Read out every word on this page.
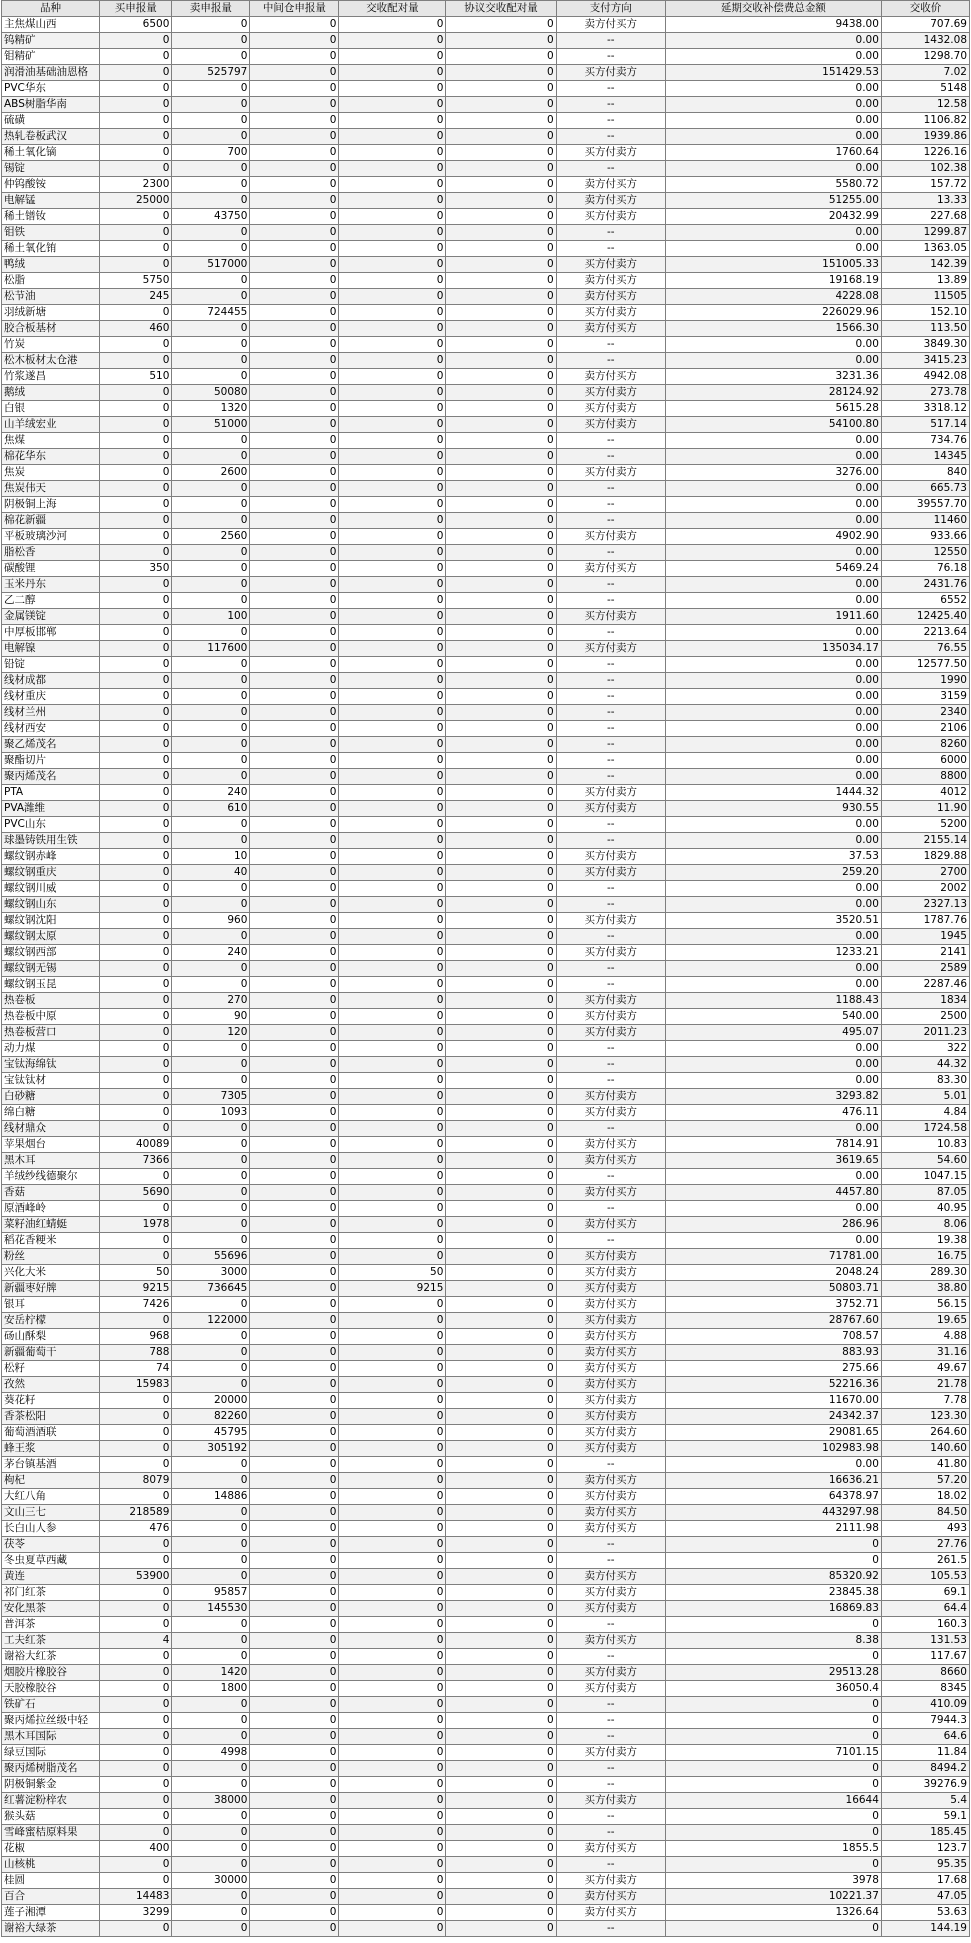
品种	买申报量	卖申报量	中间仓申报量	交收配对量	协议交收配对量	支付方向	延期交收补偿费总金额	交收价
主焦煤山西	6500	0	0	0	0	卖方付买方	9438.00	707.69
钨精矿	0	0	0	0	0	--	0.00	1432.08
钼精矿	0	0	0	0	0	--	0.00	1298.70
润滑油基础油恩格	0	525797	0	0	0	买方付卖方	151429.53	7.02
PVC华东	0	0	0	0	0	--	0.00	5148
ABS树脂华南	0	0	0	0	0	--	0.00	12.58
硫磺	0	0	0	0	0	--	0.00	1106.82
热轧卷板武汉	0	0	0	0	0	--	0.00	1939.86
稀土氧化镝	0	700	0	0	0	买方付卖方	1760.64	1226.16
锡锭	0	0	0	0	0	--	0.00	102.38
仲钨酸铵	2300	0	0	0	0	卖方付买方	5580.72	157.72
电解锰	25000	0	0	0	0	卖方付买方	51255.00	13.33
稀土镨钕	0	43750	0	0	0	买方付卖方	20432.99	227.68
钼铁	0	0	0	0	0	--	0.00	1299.87
稀土氧化铕	0	0	0	0	0	--	0.00	1363.05
鸭绒	0	517000	0	0	0	买方付卖方	151005.33	142.39
松脂	5750	0	0	0	0	卖方付买方	19168.19	13.89
松节油	245	0	0	0	0	卖方付买方	4228.08	11505
羽绒新塘	0	724455	0	0	0	买方付卖方	226029.96	152.10
胶合板基材	460	0	0	0	0	卖方付买方	1566.30	113.50
竹炭	0	0	0	0	0	--	0.00	3849.30
松木板材太仓港	0	0	0	0	0	--	0.00	3415.23
竹浆遂昌	510	0	0	0	0	卖方付买方	3231.36	4942.08
鹅绒	0	50080	0	0	0	买方付卖方	28124.92	273.78
白银	0	1320	0	0	0	买方付卖方	5615.28	3318.12
山羊绒宏业	0	51000	0	0	0	买方付卖方	54100.80	517.14
焦煤	0	0	0	0	0	--	0.00	734.76
棉花华东	0	0	0	0	0	--	0.00	14345
焦炭	0	2600	0	0	0	买方付卖方	3276.00	840
焦炭伟天	0	0	0	0	0	--	0.00	665.73
阴极铜上海	0	0	0	0	0	--	0.00	39557.70
棉花新疆	0	0	0	0	0	--	0.00	11460
平板玻璃沙河	0	2560	0	0	0	买方付卖方	4902.90	933.66
脂松香	0	0	0	0	0	--	0.00	12550
碳酸锂	350	0	0	0	0	卖方付买方	5469.24	76.18
玉米丹东	0	0	0	0	0	--	0.00	2431.76
乙二醇	0	0	0	0	0	--	0.00	6552
金属镁锭	0	100	0	0	0	买方付卖方	1911.60	12425.40
中厚板邯郸	0	0	0	0	0	--	0.00	2213.64
电解镍	0	117600	0	0	0	买方付卖方	135034.17	76.55
铅锭	0	0	0	0	0	--	0.00	12577.50
线材成都	0	0	0	0	0	--	0.00	1990
线材重庆	0	0	0	0	0	--	0.00	3159
线材兰州	0	0	0	0	0	--	0.00	2340
线材西安	0	0	0	0	0	--	0.00	2106
聚乙烯茂名	0	0	0	0	0	--	0.00	8260
聚酯切片	0	0	0	0	0	--	0.00	6000
聚丙烯茂名	0	0	0	0	0	--	0.00	8800
PTA	0	240	0	0	0	买方付卖方	1444.32	4012
PVA潍维	0	610	0	0	0	买方付卖方	930.55	11.90
PVC山东	0	0	0	0	0	--	0.00	5200
球墨铸铁用生铁	0	0	0	0	0	--	0.00	2155.14
螺纹钢赤峰	0	10	0	0	0	买方付卖方	37.53	1829.88
螺纹钢重庆	0	40	0	0	0	买方付卖方	259.20	2700
螺纹钢川威	0	0	0	0	0	--	0.00	2002
螺纹钢山东	0	0	0	0	0	--	0.00	2327.13
螺纹钢沈阳	0	960	0	0	0	买方付卖方	3520.51	1787.76
螺纹钢太原	0	0	0	0	0	--	0.00	1945
螺纹钢西部	0	240	0	0	0	买方付卖方	1233.21	2141
螺纹钢无锡	0	0	0	0	0	--	0.00	2589
螺纹钢玉昆	0	0	0	0	0	--	0.00	2287.46
热卷板	0	270	0	0	0	买方付卖方	1188.43	1834
热卷板中原	0	90	0	0	0	买方付卖方	540.00	2500
热卷板营口	0	120	0	0	0	买方付卖方	495.07	2011.23
动力煤	0	0	0	0	0	--	0.00	322
宝钛海绵钛	0	0	0	0	0	--	0.00	44.32
宝钛钛材	0	0	0	0	0	--	0.00	83.30
白砂糖	0	7305	0	0	0	买方付卖方	3293.82	5.01
绵白糖	0	1093	0	0	0	买方付卖方	476.11	4.84
线材鼎众	0	0	0	0	0	--	0.00	1724.58
苹果烟台	40089	0	0	0	0	卖方付买方	7814.91	10.83
黑木耳	7366	0	0	0	0	卖方付买方	3619.65	54.60
羊绒纱线德聚尔	0	0	0	0	0	--	0.00	1047.15
香菇	5690	0	0	0	0	卖方付买方	4457.80	87.05
原酒峰岭	0	0	0	0	0	--	0.00	40.95
菜籽油红蜻蜓	1978	0	0	0	0	卖方付买方	286.96	8.06
稻花香粳米	0	0	0	0	0	--	0.00	19.38
粉丝	0	55696	0	0	0	买方付卖方	71781.00	16.75
兴化大米	50	3000	0	50	0	买方付卖方	2048.24	289.30
新疆枣好牌	9215	736645	0	9215	0	买方付卖方	50803.71	38.80
银耳	7426	0	0	0	0	卖方付买方	3752.71	56.15
安岳柠檬	0	122000	0	0	0	买方付卖方	28767.60	19.65
砀山酥梨	968	0	0	0	0	卖方付买方	708.57	4.88
新疆葡萄干	788	0	0	0	0	卖方付买方	883.93	31.16
松籽	74	0	0	0	0	卖方付买方	275.66	49.67
孜然	15983	0	0	0	0	卖方付买方	52216.36	21.78
葵花籽	0	20000	0	0	0	买方付卖方	11670.00	7.78
香茶松阳	0	82260	0	0	0	买方付卖方	24342.37	123.30
葡萄酒酒联	0	45795	0	0	0	买方付卖方	29081.65	264.60
蜂王浆	0	305192	0	0	0	买方付卖方	102983.98	140.60
茅台镇基酒	0	0	0	0	0	--	0.00	41.80
枸杞	8079	0	0	0	0	卖方付买方	16636.21	57.20
大红八角	0	14886	0	0	0	买方付卖方	64378.97	18.02
文山三七	218589	0	0	0	0	卖方付买方	443297.98	84.50
长白山人参	476	0	0	0	0	卖方付买方	2111.98	493
茯苓	0	0	0	0	0	--	0	27.76
冬虫夏草西藏	0	0	0	0	0	--	0	261.5
黄连	53900	0	0	0	0	卖方付买方	85320.92	105.53
祁门红茶	0	95857	0	0	0	买方付卖方	23845.38	69.1
安化黑茶	0	145530	0	0	0	买方付卖方	16869.83	64.4
普洱茶	0	0	0	0	0	--	0	160.3
工夫红茶	4	0	0	0	0	卖方付买方	8.38	131.53
谢裕大红茶	0	0	0	0	0	--	0	117.67
烟胶片橡胶谷	0	1420	0	0	0	买方付卖方	29513.28	8660
天胶橡胶谷	0	1800	0	0	0	买方付卖方	36050.4	8345
铁矿石	0	0	0	0	0	--	0	410.09
聚丙烯拉丝级中轻	0	0	0	0	0	--	0	7944.3
黑木耳国际	0	0	0	0	0	--	0	64.6
绿豆国际	0	4998	0	0	0	买方付卖方	7101.15	11.84
聚丙烯树脂茂名	0	0	0	0	0	--	0	8494.2
阴极铜紫金	0	0	0	0	0	--	0	39276.9
红薯淀粉梓农	0	38000	0	0	0	买方付卖方	16644	5.4
猴头菇	0	0	0	0	0	--	0	59.1
雪峰蜜桔原料果	0	0	0	0	0	--	0	185.45
花椒	400	0	0	0	0	卖方付买方	1855.5	123.7
山核桃	0	0	0	0	0	--	0	95.35
桂圆	0	30000	0	0	0	买方付卖方	3978	17.68
百合	14483	0	0	0	0	卖方付买方	10221.37	47.05
莲子湘潭	3299	0	0	0	0	卖方付买方	1326.64	53.63
谢裕大绿茶	0	0	0	0	0	--	0	144.19
